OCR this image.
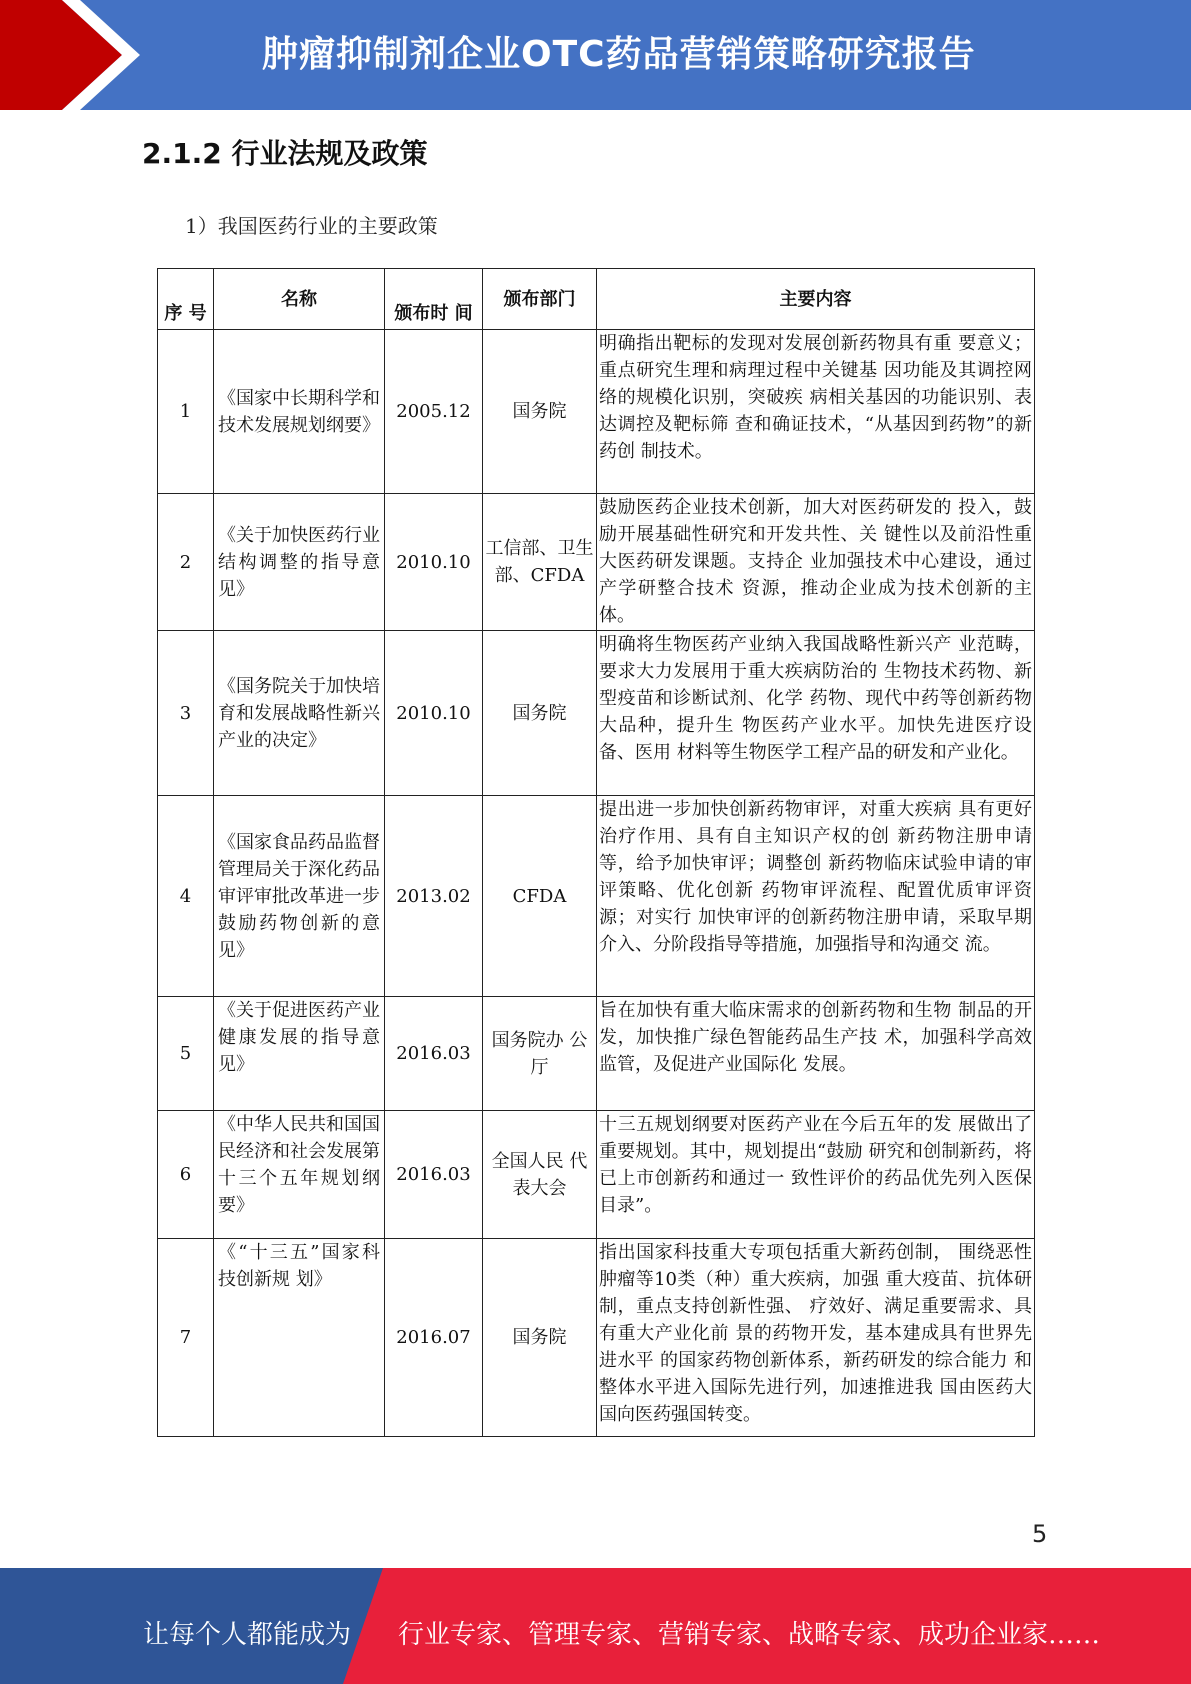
肿瘤抑制剂企业OTC药品营销策略研究报告
2.1.2 行业法规及政策
1）我国医药行业的主要政策
序 号	名称	颁布时 间	颁布部门	主要内容
1	《国家中长期科学和技术发展规划纲要》	2005.12	国务院	明确指出靶标的发现对发展创新药物具有重 要意义；重点研究生理和病理过程中关键基 因功能及其调控网络的规模化识别，突破疾 病相关基因的功能识别、表达调控及靶标筛 查和确证技术，“从基因到药物”的新药创 制技术。
2	《关于加快医药行业结构调整的指导意见》	2010.10	工信部、卫生部、CFDA	鼓励医药企业技术创新，加大对医药研发的 投入，鼓励开展基础性研究和开发共性、关 键性以及前沿性重大医药研发课题。支持企 业加强技术中心建设，通过产学研整合技术 资源，推动企业成为技术创新的主体。
3	《国务院关于加快培育和发展战略性新兴产业的决定》	2010.10	国务院	明确将生物医药产业纳入我国战略性新兴产 业范畴，要求大力发展用于重大疾病防治的 生物技术药物、新型疫苗和诊断试剂、化学 药物、现代中药等创新药物大品种，提升生 物医药产业水平。加快先进医疗设备、医用 材料等生物医学工程产品的研发和产业化。
4	《国家食品药品监督管理局关于深化药品审评审批改革进一步鼓励药物创新的意见》	2013.02	CFDA	提出进一步加快创新药物审评，对重大疾病 具有更好治疗作用、具有自主知识产权的创 新药物注册申请等，给予加快审评；调整创 新药物临床试验申请的审评策略、优化创新 药物审评流程、配置优质审评资源；对实行 加快审评的创新药物注册申请，采取早期介入、分阶段指导等措施，加强指导和沟通交 流。
5	《关于促进医药产业健康发展的指导意见》	2016.03	国务院办 公厅	旨在加快有重大临床需求的创新药物和生物 制品的开发，加快推广绿色智能药品生产技 术，加强科学高效监管，及促进产业国际化 发展。
6	《中华人民共和国国民经济和社会发展第十三个五年规划纲要》	2016.03	全国人民 代表大会	十三五规划纲要对医药产业在今后五年的发 展做出了重要规划。其中，规划提出“鼓励 研究和创制新药，将已上市创新药和通过一 致性评价的药品优先列入医保目录”。
7	《“十三五”国家科技创新规 划》	2016.07	国务院	指出国家科技重大专项包括重大新药创制， 围绕恶性肿瘤等10类（种）重大疾病，加强 重大疫苗、抗体研制，重点支持创新性强、 疗效好、满足重要需求、具有重大产业化前 景的药物开发，基本建成具有世界先进水平 的国家药物创新体系，新药研发的综合能力 和整体水平进入国际先进行列，加速推进我 国由医药大国向医药强国转变。
5
让每个人都能成为 行业专家、管理专家、营销专家、战略专家、成功企业家……
